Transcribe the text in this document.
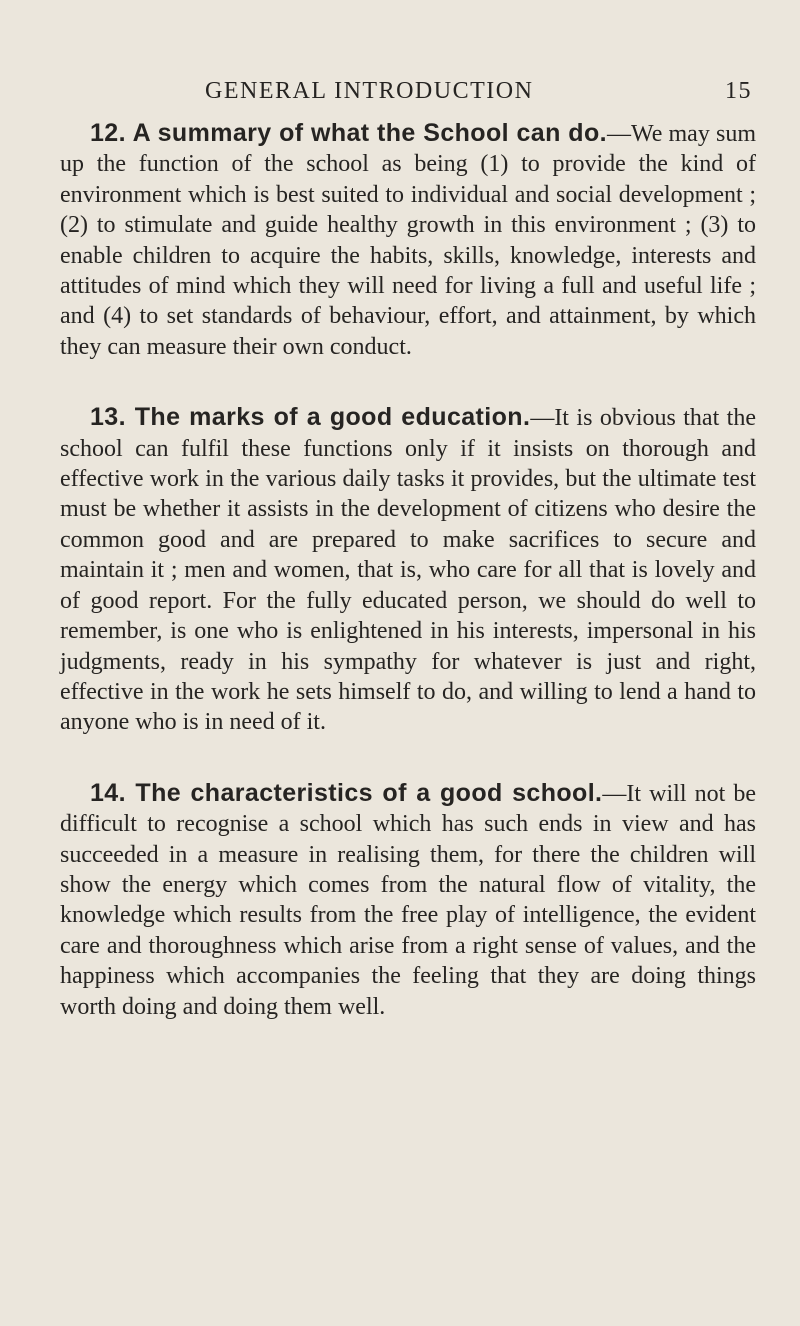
GENERAL INTRODUCTION	15

12. A summary of what the School can do.—We may sum up the function of the school as being (1) to provide the kind of environment which is best suited to individual and social development ; (2) to stimulate and guide healthy growth in this environment ; (3) to enable children to acquire the habits, skills, knowledge, interests and attitudes of mind which they will need for living a full and useful life ; and (4) to set standards of behaviour, effort, and attainment, by which they can measure their own conduct.

13. The marks of a good education.—It is obvious that the school can fulfil these functions only if it insists on thorough and effective work in the various daily tasks it provides, but the ultimate test must be whether it assists in the development of citizens who desire the common good and are prepared to make sacrifices to secure and maintain it ; men and women, that is, who care for all that is lovely and of good report. For the fully educated person, we should do well to remember, is one who is enlightened in his interests, impersonal in his judgments, ready in his sympathy for whatever is just and right, effective in the work he sets himself to do, and willing to lend a hand to anyone who is in need of it.

14. The characteristics of a good school.—It will not be difficult to recognise a school which has such ends in view and has succeeded in a measure in realising them, for there the children will show the energy which comes from the natural flow of vitality, the knowledge which results from the free play of intelligence, the evident care and thoroughness which arise from a right sense of values, and the happiness which accompanies the feeling that they are doing things worth doing and doing them well.
